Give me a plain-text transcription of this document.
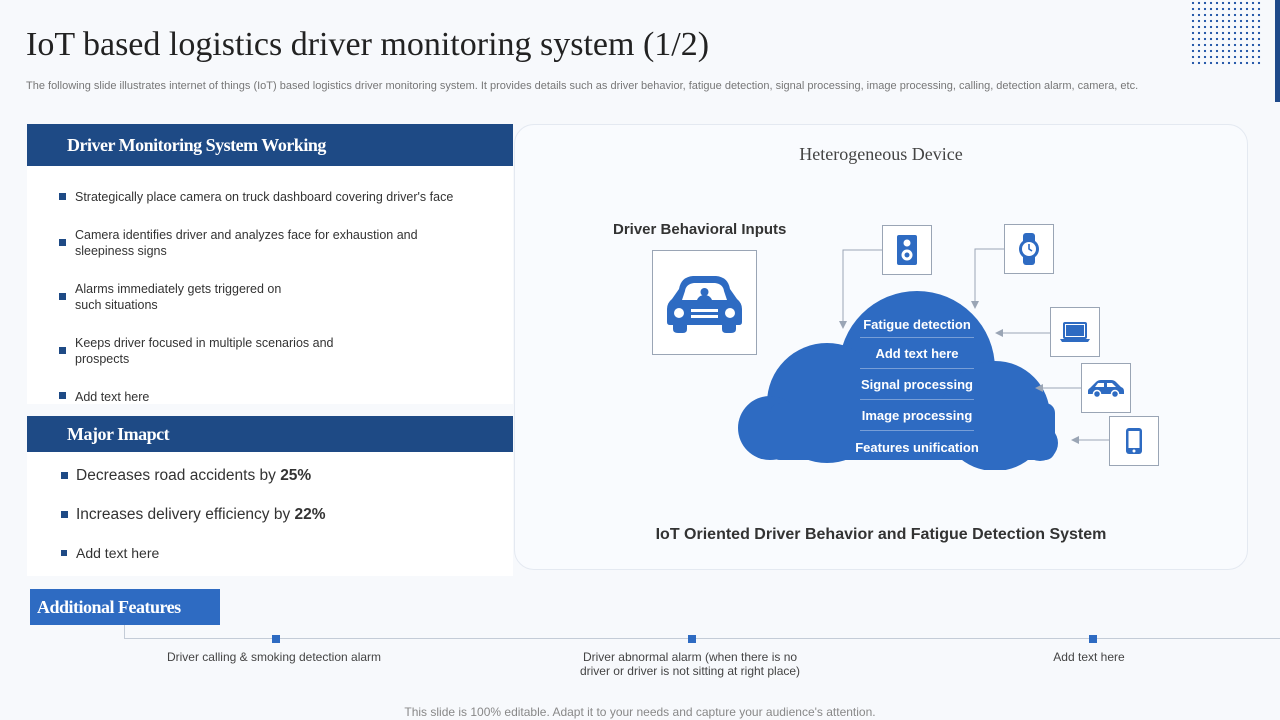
IoT based logistics driver monitoring system (1/2)
The following slide illustrates internet of things (IoT) based logistics driver monitoring system. It provides details such as driver behavior, fatigue detection, signal processing, image processing, calling, detection alarm, camera, etc.
Driver Monitoring System Working
Strategically place camera on truck dashboard covering driver's face
Camera identifies driver and analyzes face for exhaustion and sleepiness signs
Alarms immediately gets triggered on such situations
Keeps driver focused in multiple scenarios and prospects
Add text here
Major Imapct
Decreases road accidents by 25%
Increases delivery efficiency by 22%
Add text here
Heterogeneous Device
Driver Behavioral Inputs
Fatigue detection
Add text here
Signal processing
Image processing
Features unification
IoT Oriented Driver Behavior and Fatigue Detection System
Additional Features
Driver calling & smoking detection alarm	Driver abnormal alarm (when there is no driver or driver is not sitting at right place)
Add text here
This slide is 100% editable. Adapt it to your needs and capture your audience's attention.
